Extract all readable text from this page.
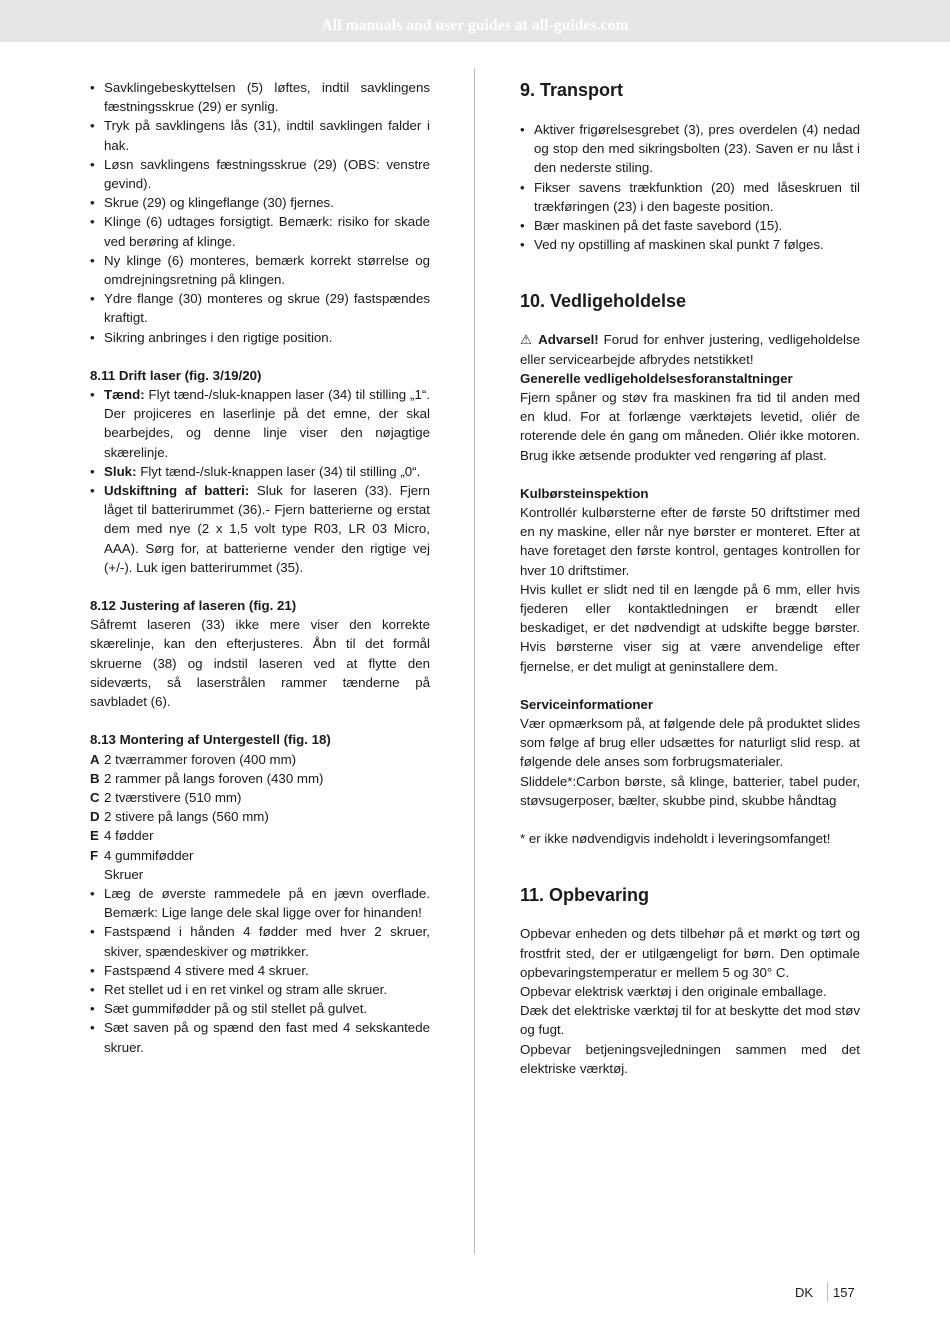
All manuals and user guides at all-guides.com
• Savklingebeskyttelsen (5) løftes, indtil savklingens fæstningsskrue (29) er synlig.
• Tryk på savklingens lås (31), indtil savklingen falder i hak.
• Løsn savklingens fæstningsskrue (29) (OBS: venstre gevind).
• Skrue (29) og klingeflange (30) fjernes.
• Klinge (6) udtages forsigtigt. Bemærk: risiko for skade ved berøring af klinge.
• Ny klinge (6) monteres, bemærk korrekt størrelse og omdrejningsretning på klingen.
• Ydre flange (30) monteres og skrue (29) fastspændes kraftigt.
• Sikring anbringes i den rigtige position.
8.11 Drift laser (fig. 3/19/20)
• Tænd: Flyt tænd-/sluk-knappen laser (34) til stilling „1“. Der projiceres en laserlinje på det emne, der skal bearbejdes, og denne linje viser den nøjagtige skærelinje.
• Sluk: Flyt tænd-/sluk-knappen laser (34) til stilling „0“.
• Udskiftning af batteri: Sluk for laseren (33). Fjern låget til batterirummet (36).- Fjern batterierne og erstat dem med nye (2 x 1,5 volt type R03, LR 03 Micro, AAA). Sørg for, at batterierne vender den rigtige vej (+/-). Luk igen batterirummet (35).
8.12 Justering af laseren (fig. 21)
Såfremt laseren (33) ikke mere viser den korrekte skærelinje, kan den efterjusteres. Åbn til det formål skruerne (38) og indstil laseren ved at flytte den sideværts, så laserstrålen rammer tænderne på savbladet (6).
8.13 Montering af Untergestell (fig. 18)
A 2 tværrammer foroven (400 mm)
B 2 rammer på langs foroven (430 mm)
C 2 tværstivere (510 mm)
D 2 stivere på langs (560 mm)
E 4 fødder
F 4 gummifødder
Skruer
• Læg de øverste rammedele på en jævn overflade. Bemærk: Lige lange dele skal ligge over for hinanden!
• Fastspænd i hånden 4 fødder med hver 2 skruer, skiver, spændeskiver og møtrikker.
• Fastspænd 4 stivere med 4 skruer.
• Ret stellet ud i en ret vinkel og stram alle skruer.
• Sæt gummifødder på og stil stellet på gulvet.
• Sæt saven på og spænd den fast med 4 sekskantede skruer.
9. Transport
• Aktiver frigørelsesgrebet (3), pres overdelen (4) nedad og stop den med sikringsbolten (23). Saven er nu låst i den nederste stiling.
• Fikser savens trækfunktion (20) med låseskruen til trækføringen (23) i den bageste position.
• Bær maskinen på det faste savebord (15).
• Ved ny opstilling af maskinen skal punkt 7 følges.
10. Vedligeholdelse
⚠ Advarsel! Forud for enhver justering, vedligeholdelse eller servicearbejde afbrydes netstikket!
Generelle vedligeholdelsesforanstaltninger
Fjern spåner og støv fra maskinen fra tid til anden med en klud. For at forlænge værktøjets levetid, oliér de roterende dele én gang om måneden. Oliér ikke motoren. Brug ikke ætsende produkter ved rengøring af plast.
Kulbørsteinspektion
Kontrollér kulbørsterne efter de første 50 driftstimer med en ny maskine, eller når nye børster er monteret. Efter at have foretaget den første kontrol, gentages kontrollen for hver 10 driftstimer.
Hvis kullet er slidt ned til en længde på 6 mm, eller hvis fjederen eller kontaktledningen er brændt eller beskadiget, er det nødvendigt at udskifte begge børster. Hvis børsterne viser sig at være anvendelige efter fjernelse, er det muligt at geninstallere dem.
Serviceinformationer
Vær opmærksom på, at følgende dele på produktet slides som følge af brug eller udsættes for naturligt slid resp. at følgende dele anses som forbrugsmaterialer.
Sliddele*:Carbon børste, så klinge, batterier, tabel puder, støvsugerposer, bælter, skubbe pind, skubbe håndtag
* er ikke nødvendigvis indeholdt i leveringsomfanget!
11. Opbevaring
Opbevar enheden og dets tilbehør på et mørkt og tørt og frostfrit sted, der er utilgængeligt for børn. Den optimale opbevaringstemperatur er mellem 5 og 30° C.
Opbevar elektrisk værktøj i den originale emballage.
Dæk det elektriske værktøj til for at beskytte det mod støv og fugt.
Opbevar betjeningsvejledningen sammen med det elektriske værktøj.
DK 157
